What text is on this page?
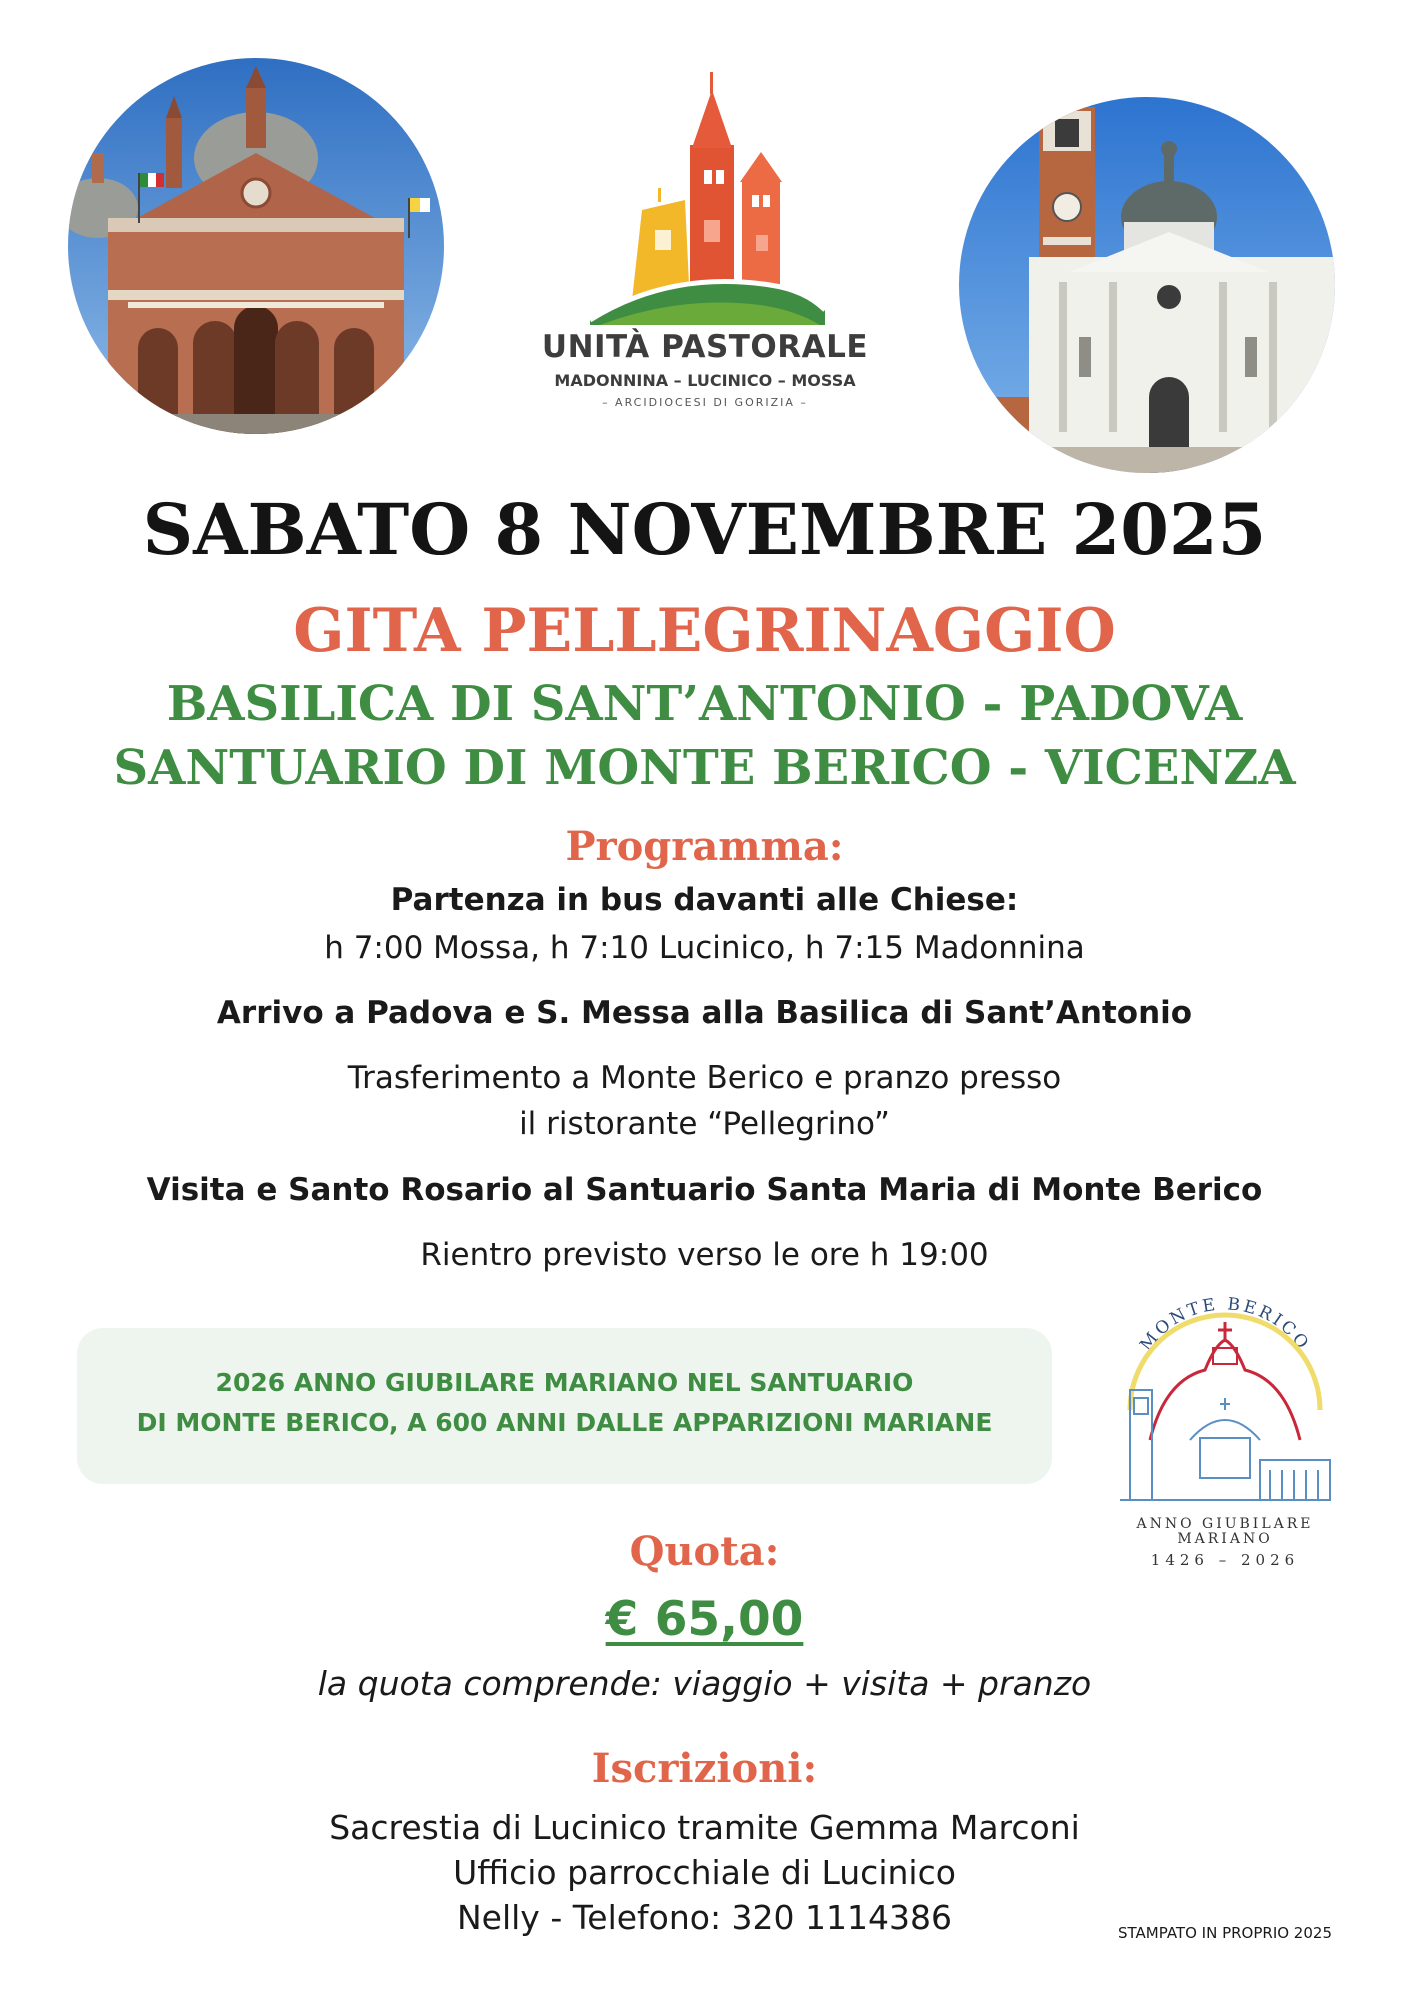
UNITÀ PASTORALE
MADONNINA – LUCINICO – MOSSA
– ARCIDIOCESI DI GORIZIA –
SABATO 8 NOVEMBRE 2025
GITA PELLEGRINAGGIO
BASILICA DI SANT’ANTONIO - PADOVA
SANTUARIO DI MONTE BERICO - VICENZA
Programma:
Partenza in bus davanti alle Chiese:
h 7:00 Mossa, h 7:10 Lucinico, h 7:15 Madonnina
Arrivo a Padova e S. Messa alla Basilica di Sant’Antonio
Trasferimento a Monte Berico e pranzo presso
il ristorante “Pellegrino”
Visita e Santo Rosario al Santuario Santa Maria di Monte Berico
Rientro previsto verso le ore h 19:00
2026 ANNO GIUBILARE MARIANO NEL SANTUARIO
DI MONTE BERICO, A 600 ANNI DALLE APPARIZIONI MARIANE
MONTE BERICO
ANNO GIUBILARE
MARIANO
1426 – 2026
Quota:
€ 65,00
la quota comprende: viaggio + visita + pranzo
Iscrizioni:
Sacrestia di Lucinico tramite Gemma Marconi
Ufficio parrocchiale di Lucinico
Nelly - Telefono: 320 1114386	STAMPATO IN PROPRIO 2025
